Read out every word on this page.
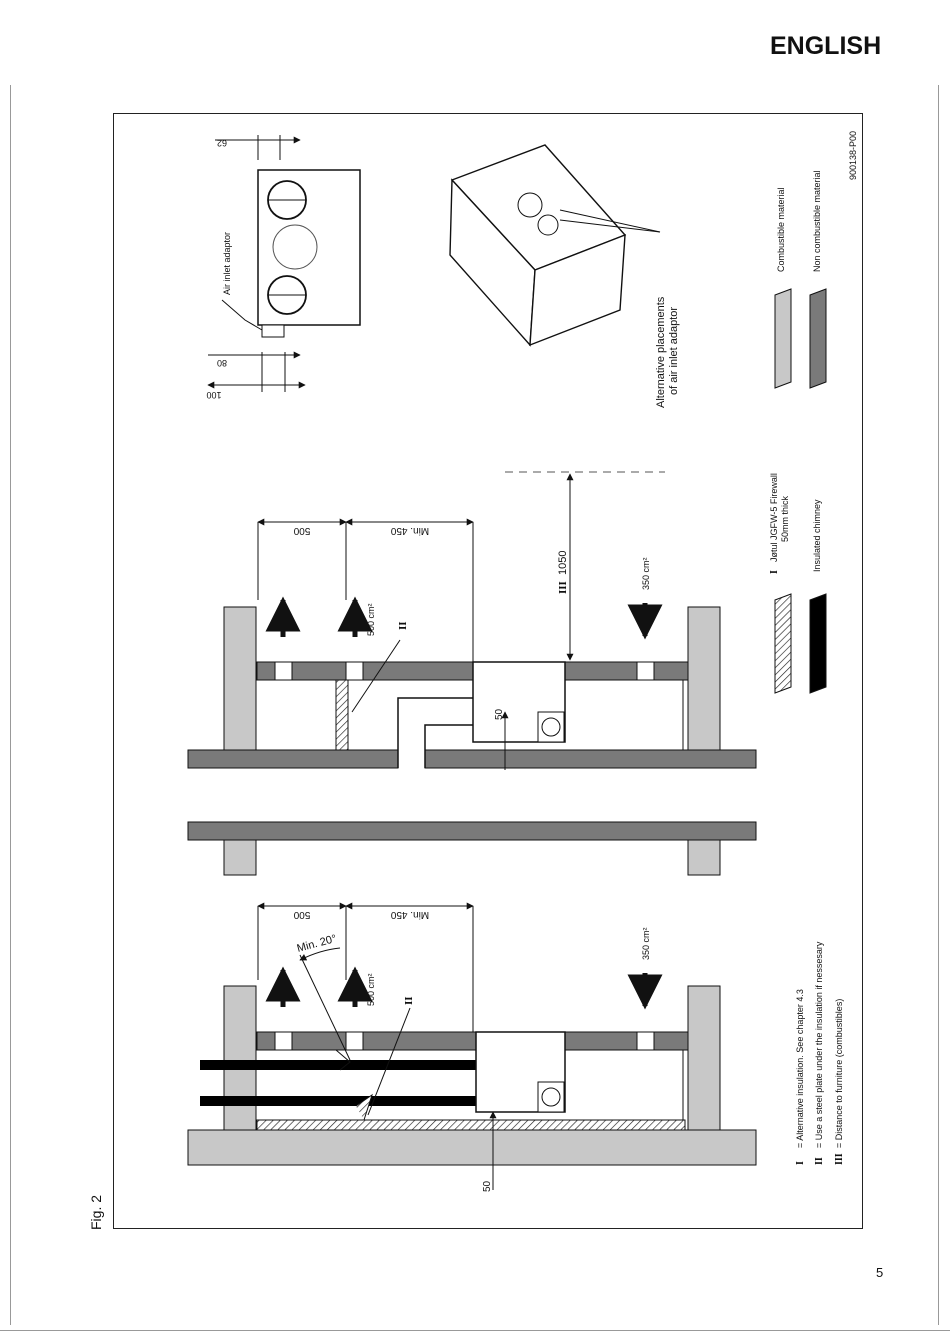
ENGLISH
5
Fig. 2
62
80
100
Air inlet adaptor
Alternative placements of air inlet adaptor
Combustible material	Non combustible material
900138-P00
I
Jøtul JGFW-5 Firewall 50mm thick Insulated chimney
500	Min. 450
III
1050
500 cm²
350 cm²
II
50
500	Min. 450
Min. 20°
500 cm²
350 cm²
II
50
I
= Alternative insulation. See chapter 4.3
II
= Use a steel plate under the insulation if nessesary
III
= Distance to furniture (combustibles)
